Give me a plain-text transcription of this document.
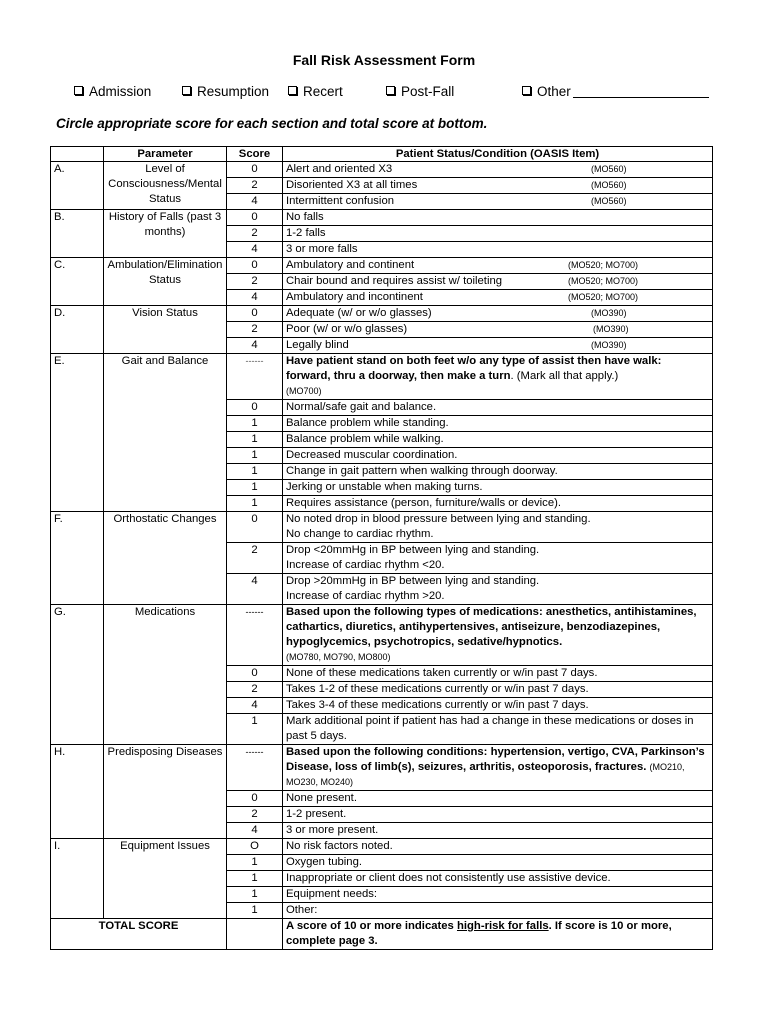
Fall Risk Assessment Form
Admission	Resumption	Recert	Post-Fall	Other
Circle appropriate score for each section and total score at bottom.
	Parameter	Score	Patient Status/Condition (OASIS Item)
A.	Level of Consciousness/Mental Status	0	Alert and oriented X3 (MO560)

		2	Disoriented X3 at all times (MO560)

		4	Intermittent confusion (MO560)

B.	History of Falls (past 3 months)	0	No falls
		2	1-2 falls
		4	3 or more falls
C.	Ambulation/Elimination Status	0	Ambulatory and continent (MO520; MO700)

		2	Chair bound and requires assist w/ toileting (MO520; MO700)

		4	Ambulatory and incontinent (MO520; MO700)

D.	Vision Status	0	Adequate (w/ or w/o glasses) (MO390)

		2	Poor (w/ or w/o glasses) (MO390)

		4	Legally blind (MO390)

E.	Gait and Balance	------	Have patient stand on both feet w/o any type of assist then have walk: forward, thru a doorway, then make a turn. (Mark all that apply.)
(MO700)
		0	Normal/safe gait and balance.
		1	Balance problem while standing.
		1	Balance problem while walking.
		1	Decreased muscular coordination.
		1	Change in gait pattern when walking through doorway.
		1	Jerking or unstable when making turns.
		1	Requires assistance (person, furniture/walls or device).
F.	Orthostatic Changes	0	No noted drop in blood pressure between lying and standing.
No change to cardiac rhythm.
		2	Drop <20mmHg in BP between lying and standing.
Increase of cardiac rhythm <20.
		4	Drop >20mmHg in BP between lying and standing.
Increase of cardiac rhythm >20.
G.	Medications	------	Based upon the following types of medications: anesthetics, antihistamines, cathartics, diuretics, antihypertensives, antiseizure, benzodiazepines, hypoglycemics, psychotropics, sedative/hypnotics.
(MO780, MO790, MO800)
		0	None of these medications taken currently or w/in past 7 days.
		2	Takes 1-2 of these medications currently or w/in past 7 days.
		4	Takes 3-4 of these medications currently or w/in past 7 days.
		1	Mark additional point if patient has had a change in these medications or doses in past 5 days.
H.	Predisposing Diseases	------	Based upon the following conditions: hypertension, vertigo, CVA, Parkinson’s Disease, loss of limb(s), seizures, arthritis, osteoporosis, fractures. (MO210, MO230, MO240)
		0	None present.
		2	1-2 present.
		4	3 or more present.
I.	Equipment Issues	O	No risk factors noted.
		1	Oxygen tubing.
		1	Inappropriate or client does not consistently use assistive device.
		1	Equipment needs:
		1	Other:
TOTAL SCORE			A score of 10 or more indicates high-risk for falls. If score is 10 or more, complete page 3.
